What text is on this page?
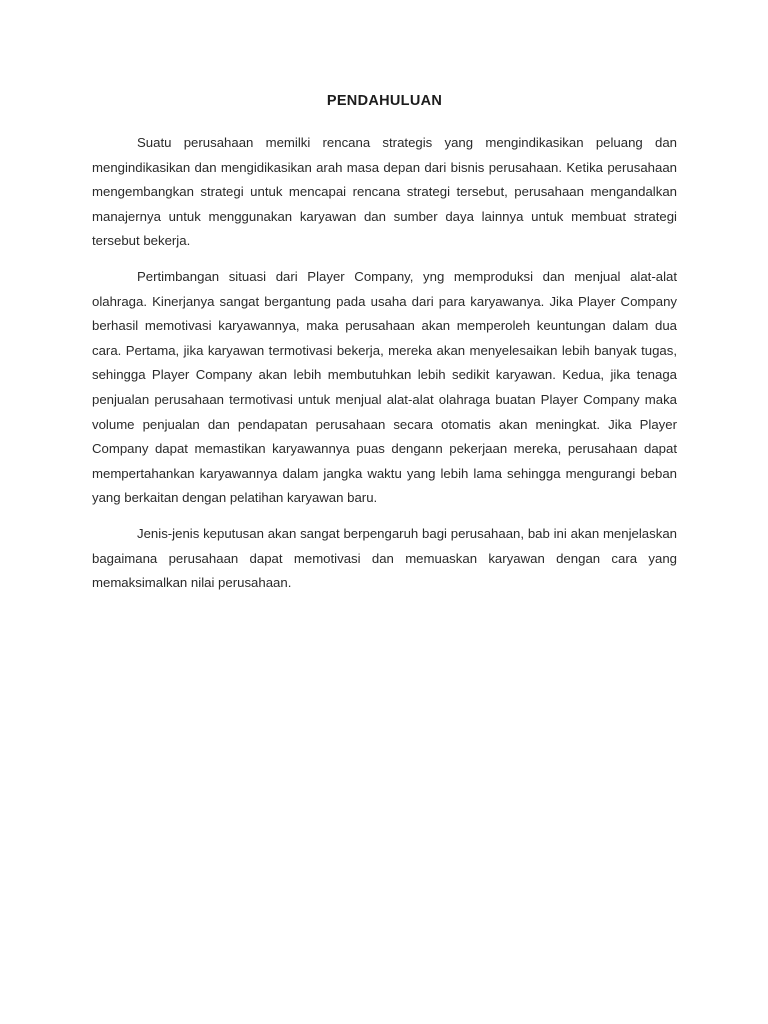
PENDAHULUAN

Suatu perusahaan memilki rencana strategis yang mengindikasikan peluang dan mengindikasikan dan mengidikasikan arah masa depan dari bisnis perusahaan. Ketika perusahaan mengembangkan strategi untuk mencapai rencana strategi tersebut, perusahaan mengandalkan manajernya untuk menggunakan karyawan dan sumber daya lainnya untuk membuat strategi tersebut bekerja.

Pertimbangan situasi dari Player Company, yng memproduksi dan menjual alat-alat olahraga. Kinerjanya sangat bergantung pada usaha dari para karyawanya. Jika Player Company berhasil memotivasi karyawannya, maka perusahaan akan memperoleh keuntungan dalam dua cara. Pertama, jika karyawan termotivasi bekerja, mereka akan menyelesaikan lebih banyak tugas, sehingga Player Company akan lebih membutuhkan lebih sedikit karyawan. Kedua, jika tenaga penjualan perusahaan termotivasi untuk menjual alat-alat olahraga buatan Player Company maka volume penjualan dan pendapatan perusahaan secara otomatis akan meningkat. Jika Player Company dapat memastikan karyawannya puas dengann pekerjaan mereka, perusahaan dapat mempertahankan karyawannya dalam jangka waktu yang lebih lama sehingga mengurangi beban yang berkaitan dengan pelatihan karyawan baru.

Jenis-jenis keputusan akan sangat berpengaruh bagi perusahaan, bab ini akan menjelaskan bagaimana perusahaan dapat memotivasi dan memuaskan karyawan dengan cara yang memaksimalkan nilai perusahaan.
